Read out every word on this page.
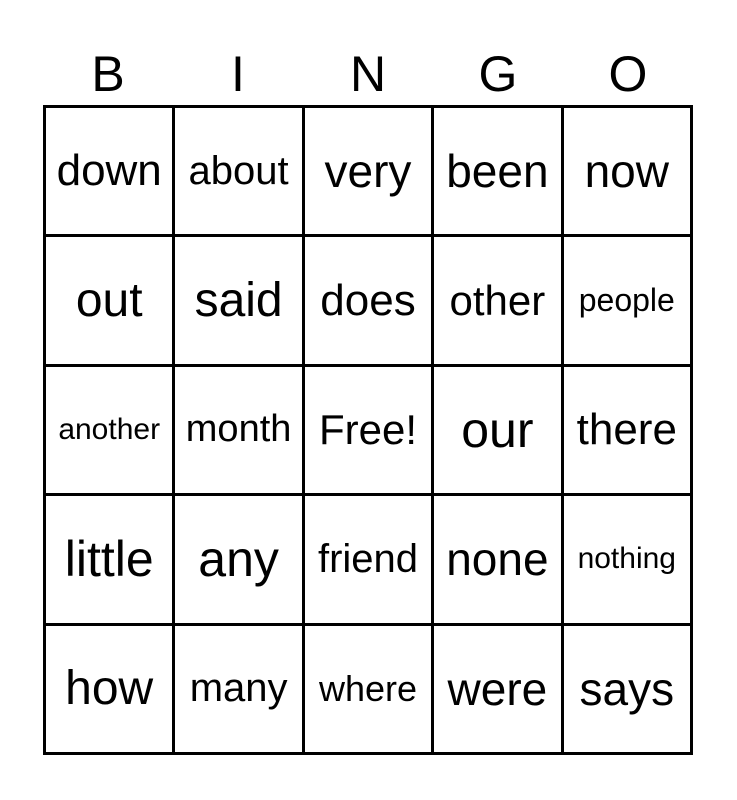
B	I	N	G	O
down about very been now
out	said does other	people
another month Free! our there
little any friend none nothing
how many where were says
